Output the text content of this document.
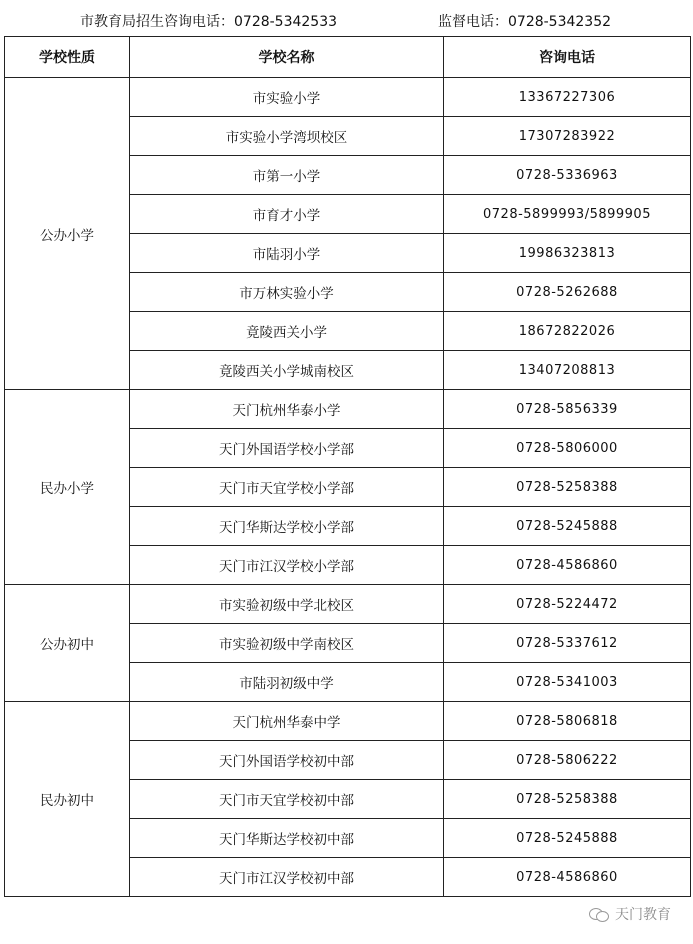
市教育局招生咨询电话：0728-5342533	监督电话：0728-5342352
学校性质	学校名称	咨询电话
公办小学	市实验小学	13367227306
	市实验小学湾坝校区	17307283922
	市第一小学	0728-5336963
	市育才小学	0728-5899993/5899905
	市陆羽小学	19986323813
	市万林实验小学	0728-5262688
	竟陵西关小学	18672822026
	竟陵西关小学城南校区	13407208813
民办小学	天门杭州华泰小学	0728-5856339
	天门外国语学校小学部	0728-5806000
	天门市天宜学校小学部	0728-5258388
	天门华斯达学校小学部	0728-5245888
	天门市江汉学校小学部	0728-4586860
公办初中	市实验初级中学北校区	0728-5224472
	市实验初级中学南校区	0728-5337612
	市陆羽初级中学	0728-5341003
民办初中	天门杭州华泰中学	0728-5806818
	天门外国语学校初中部	0728-5806222
	天门市天宜学校初中部	0728-5258388
	天门华斯达学校初中部	0728-5245888
	天门市江汉学校初中部	0728-4586860
天门教育
